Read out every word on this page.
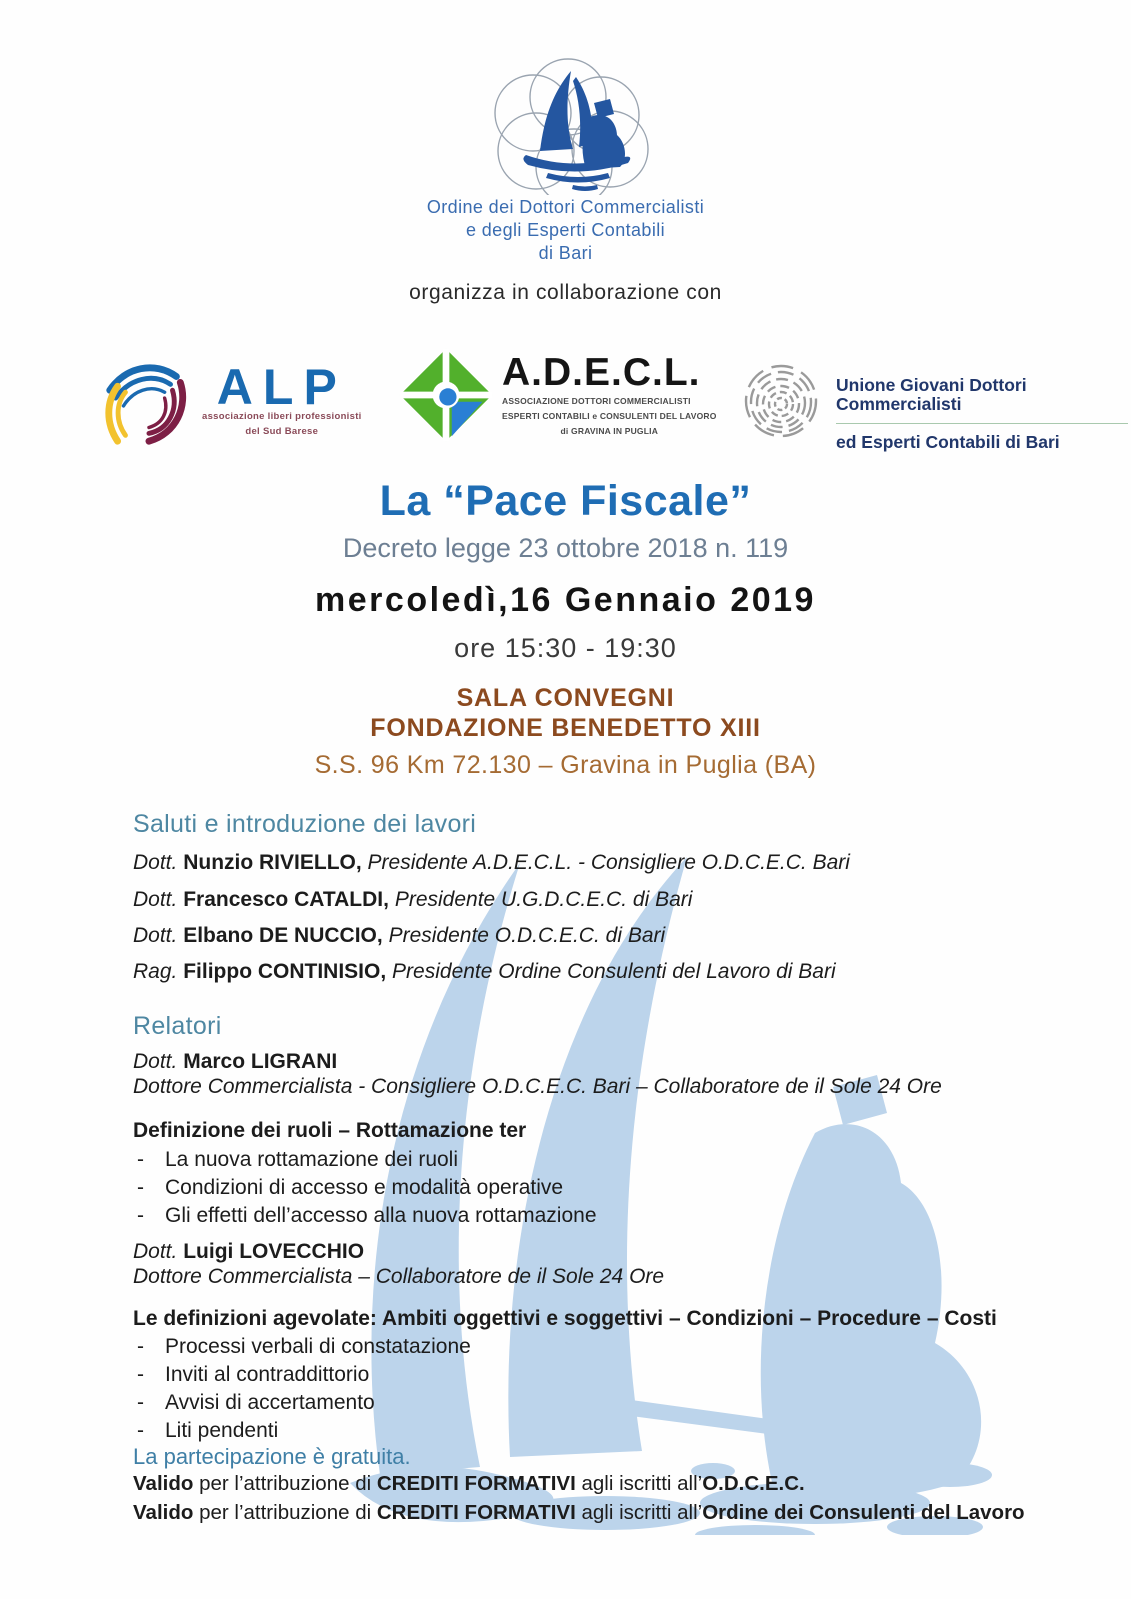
Ordine dei Dottori Commercialisti
e degli Esperti Contabili
di Bari
organizza in collaborazione con
ALP
associazione liberi professionisti
del Sud Barese
A.D.E.C.L.
ASSOCIAZIONE DOTTORI COMMERCIALISTI
ESPERTI CONTABILI e CONSULENTI DEL LAVORO
di GRAVINA IN PUGLIA
Unione Giovani Dottori Commercialisti
ed Esperti Contabili di Bari
La “Pace Fiscale”
Decreto legge 23 ottobre 2018 n. 119
mercoledì,16 Gennaio 2019
ore 15:30 - 19:30
SALA CONVEGNI
FONDAZIONE BENEDETTO XIII
S.S. 96 Km 72.130 – Gravina in Puglia (BA)
Saluti e introduzione dei lavori
Dott. Nunzio RIVIELLO, Presidente A.D.E.C.L. - Consigliere O.D.C.E.C. Bari
Dott. Francesco CATALDI, Presidente U.G.D.C.E.C. di Bari
Dott. Elbano DE NUCCIO, Presidente O.D.C.E.C. di Bari
Rag. Filippo CONTINISIO, Presidente Ordine Consulenti del Lavoro di Bari
Relatori
Dott. Marco LIGRANI
Dottore Commercialista - Consigliere O.D.C.E.C. Bari – Collaboratore de il Sole 24 Ore
Definizione dei ruoli – Rottamazione ter
- La nuova rottamazione dei ruoli
- Condizioni di accesso e modalità operative
- Gli effetti dell’accesso alla nuova rottamazione
Dott. Luigi LOVECCHIO
Dottore Commercialista – Collaboratore de il Sole 24 Ore
Le definizioni agevolate: Ambiti oggettivi e soggettivi – Condizioni – Procedure – Costi
- Processi verbali di constatazione
- Inviti al contraddittorio
- Avvisi di accertamento
- Liti pendenti
La partecipazione è gratuita.
Valido per l’attribuzione di CREDITI FORMATIVI agli iscritti all’O.D.C.E.C.
Valido per l’attribuzione di CREDITI FORMATIVI agli iscritti all’Ordine dei Consulenti del Lavoro
